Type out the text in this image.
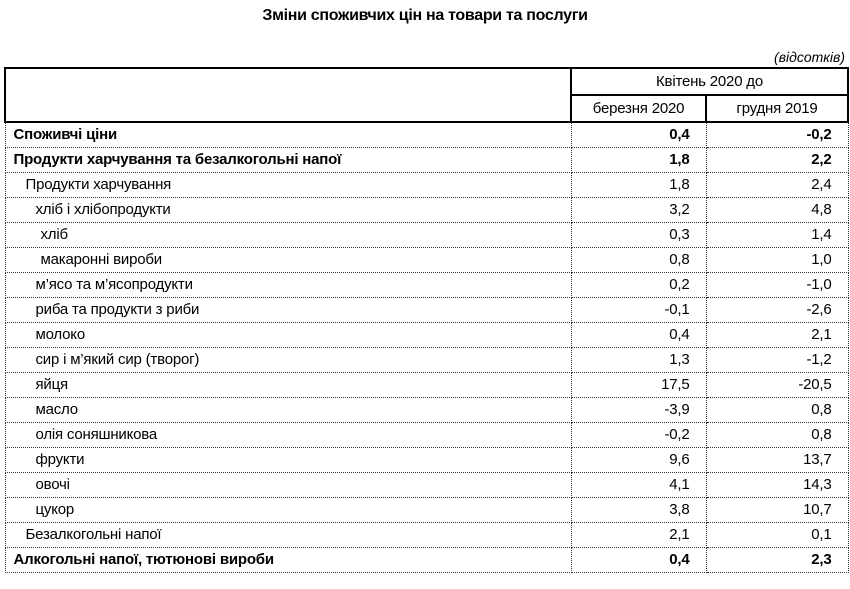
Зміни споживчих цін на товари та послуги
(відсотків)
	Квітень 2020 до	
	березня 2020	грудня 2019
Споживчі ціни	0,4	-0,2
Продукти харчування та безалкогольні напої	1,8	2,2
Продукти харчування	1,8	2,4
хліб і хлібопродукти	3,2	4,8
хліб	0,3	1,4
макаронні вироби	0,8	1,0
м’ясо та м’ясопродукти	0,2	-1,0
риба та продукти з риби	-0,1	-2,6
молоко	0,4	2,1
сир і м’який сир (творог)	1,3	-1,2
яйця	17,5	-20,5
масло	-3,9	0,8
олія соняшникова	-0,2	0,8
фрукти	9,6	13,7
овочі	4,1	14,3
цукор	3,8	10,7
Безалкогольні напої	2,1	0,1
Алкогольні напої, тютюнові вироби	0,4	2,3
